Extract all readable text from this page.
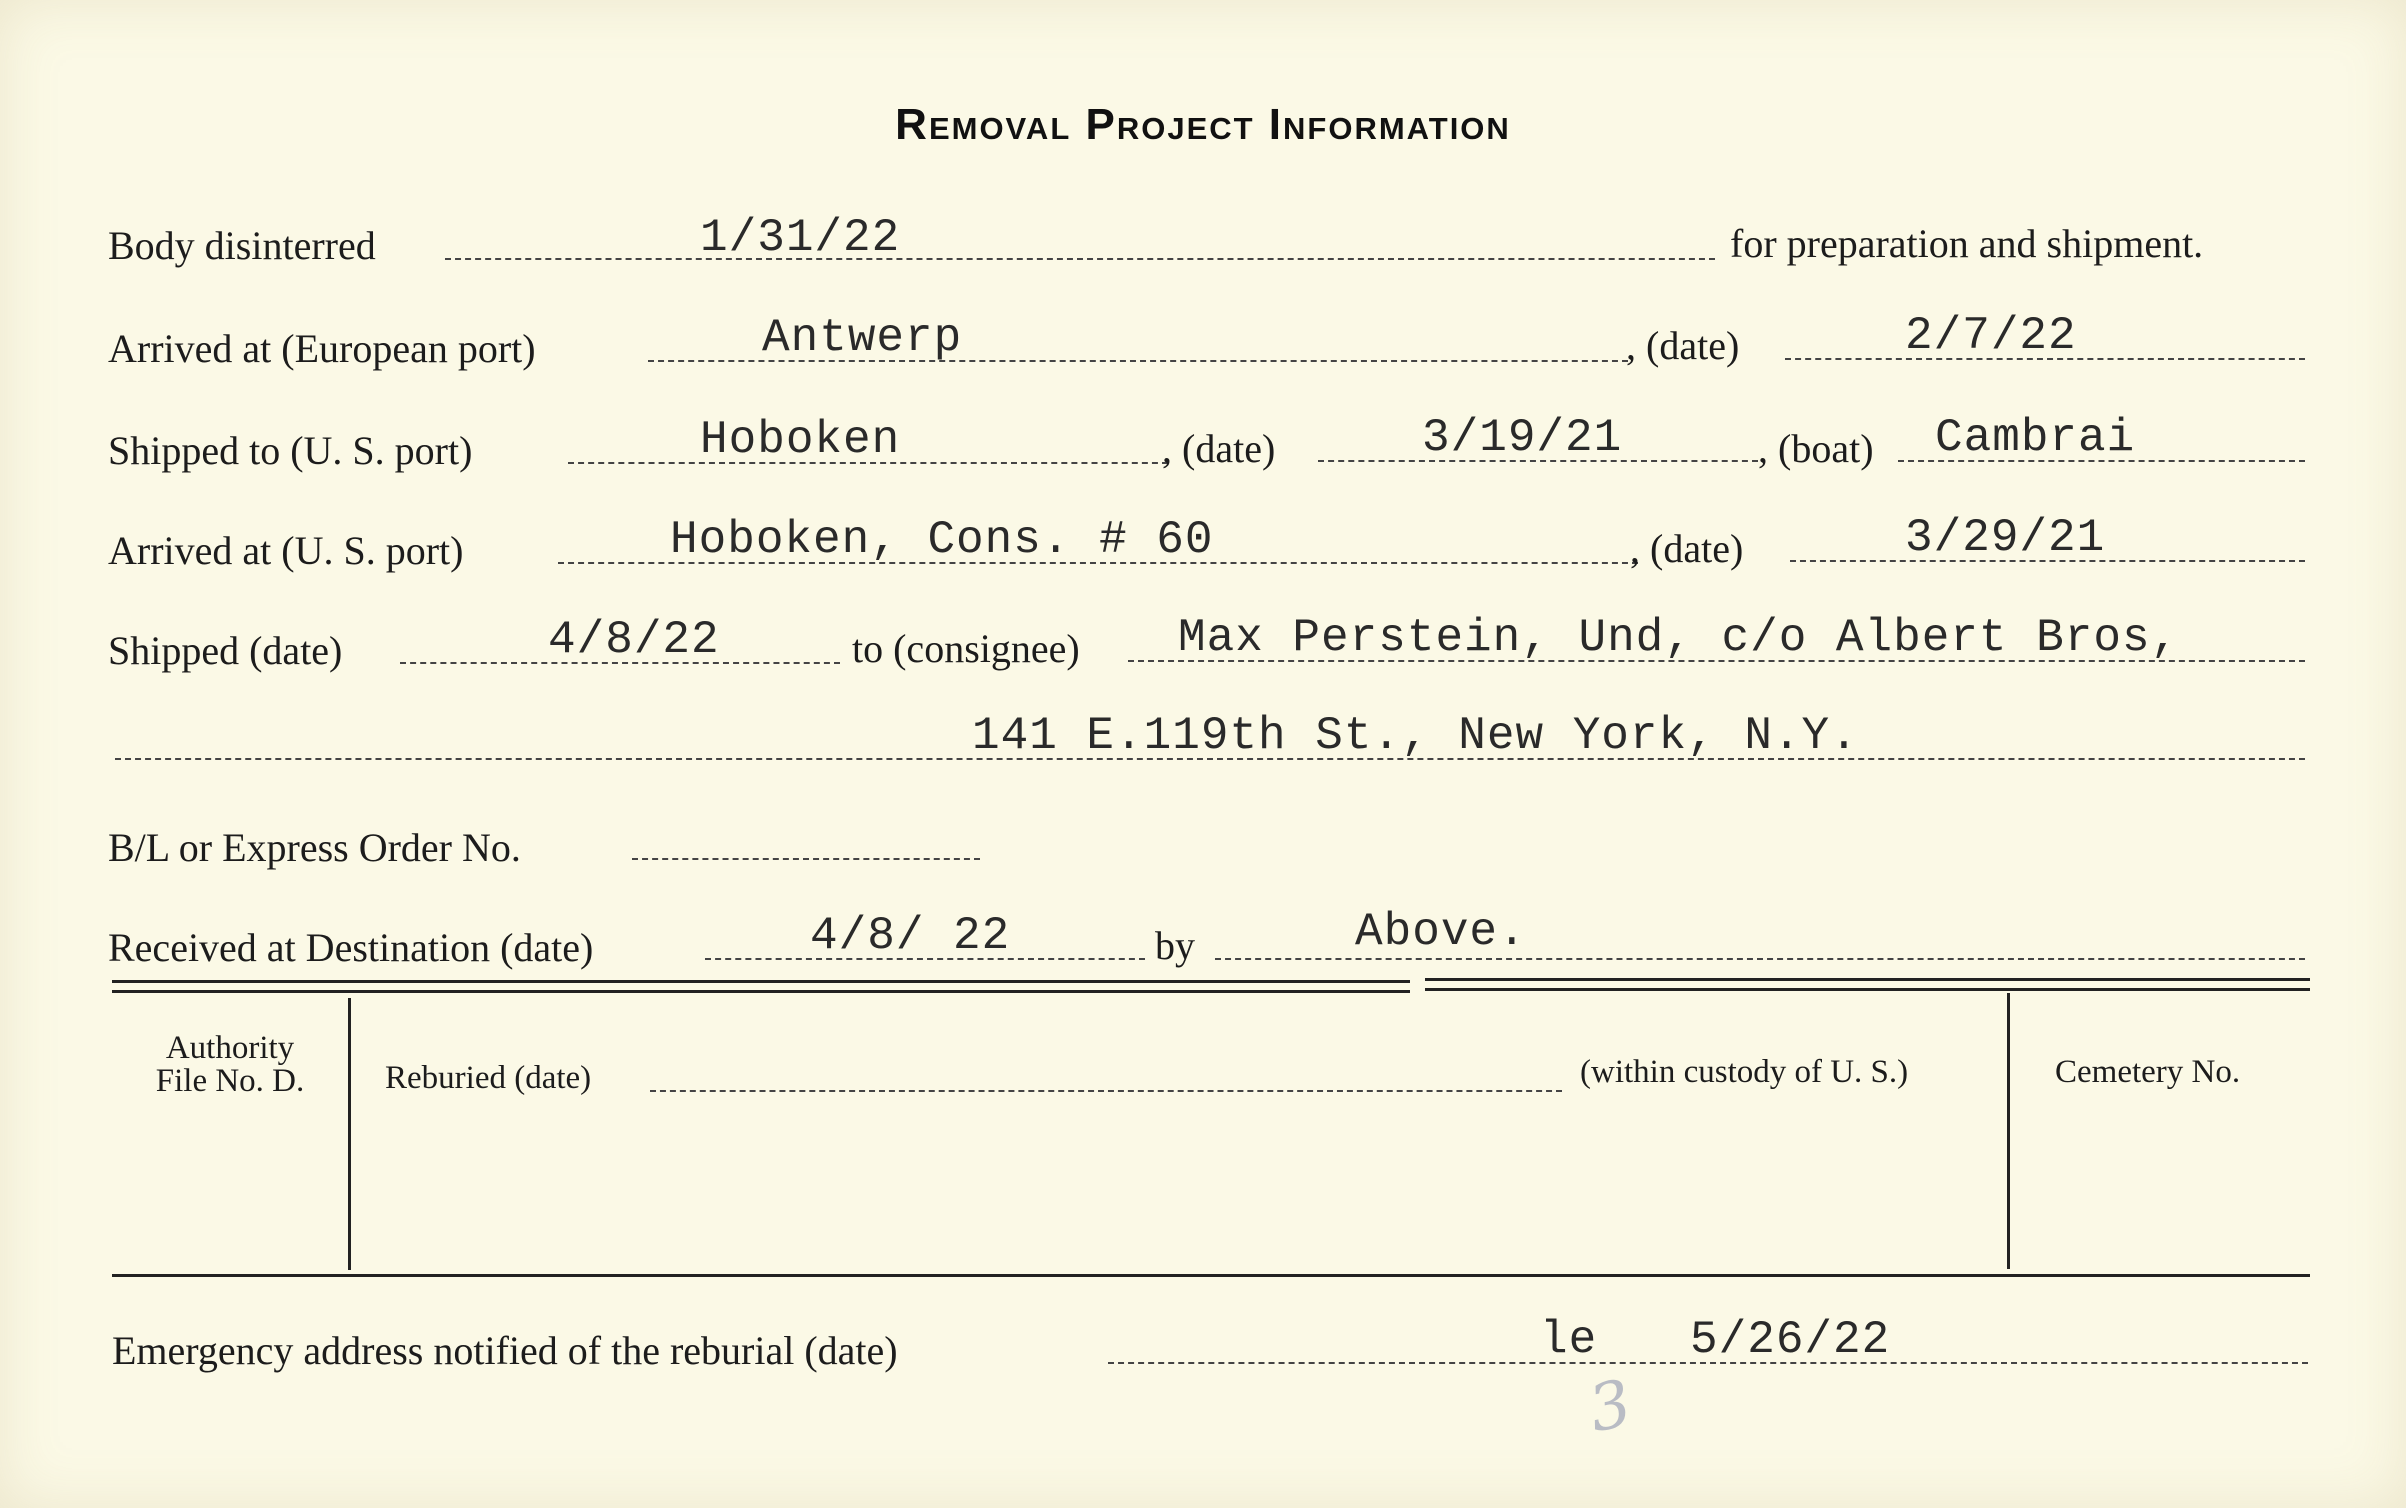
Removal Project Information
Body disinterred	1/31/22	for preparation and shipment.
Arrived at (European port)	Antwerp	, (date)	2/7/22
Shipped to (U. S. port)	Hoboken	, (date)	3/19/21	, (boat) Cambrai
Arrived at (U. S. port)	Hoboken, Cons. # 60	, (date)	3/29/21
Shipped (date)	4/8/22	to (consignee) Max Perstein, Und, c/o Albert Bros,
141 E.119th St., New York, N.Y.
B/L or Express Order No.
Received at Destination (date)	4/8/ 22	by	Above.
Authority
File No. D.	Reburied (date)	(within custody of U. S.)	Cemetery No.
Emergency address notified of the reburial (date)	le 5/26/22
3
